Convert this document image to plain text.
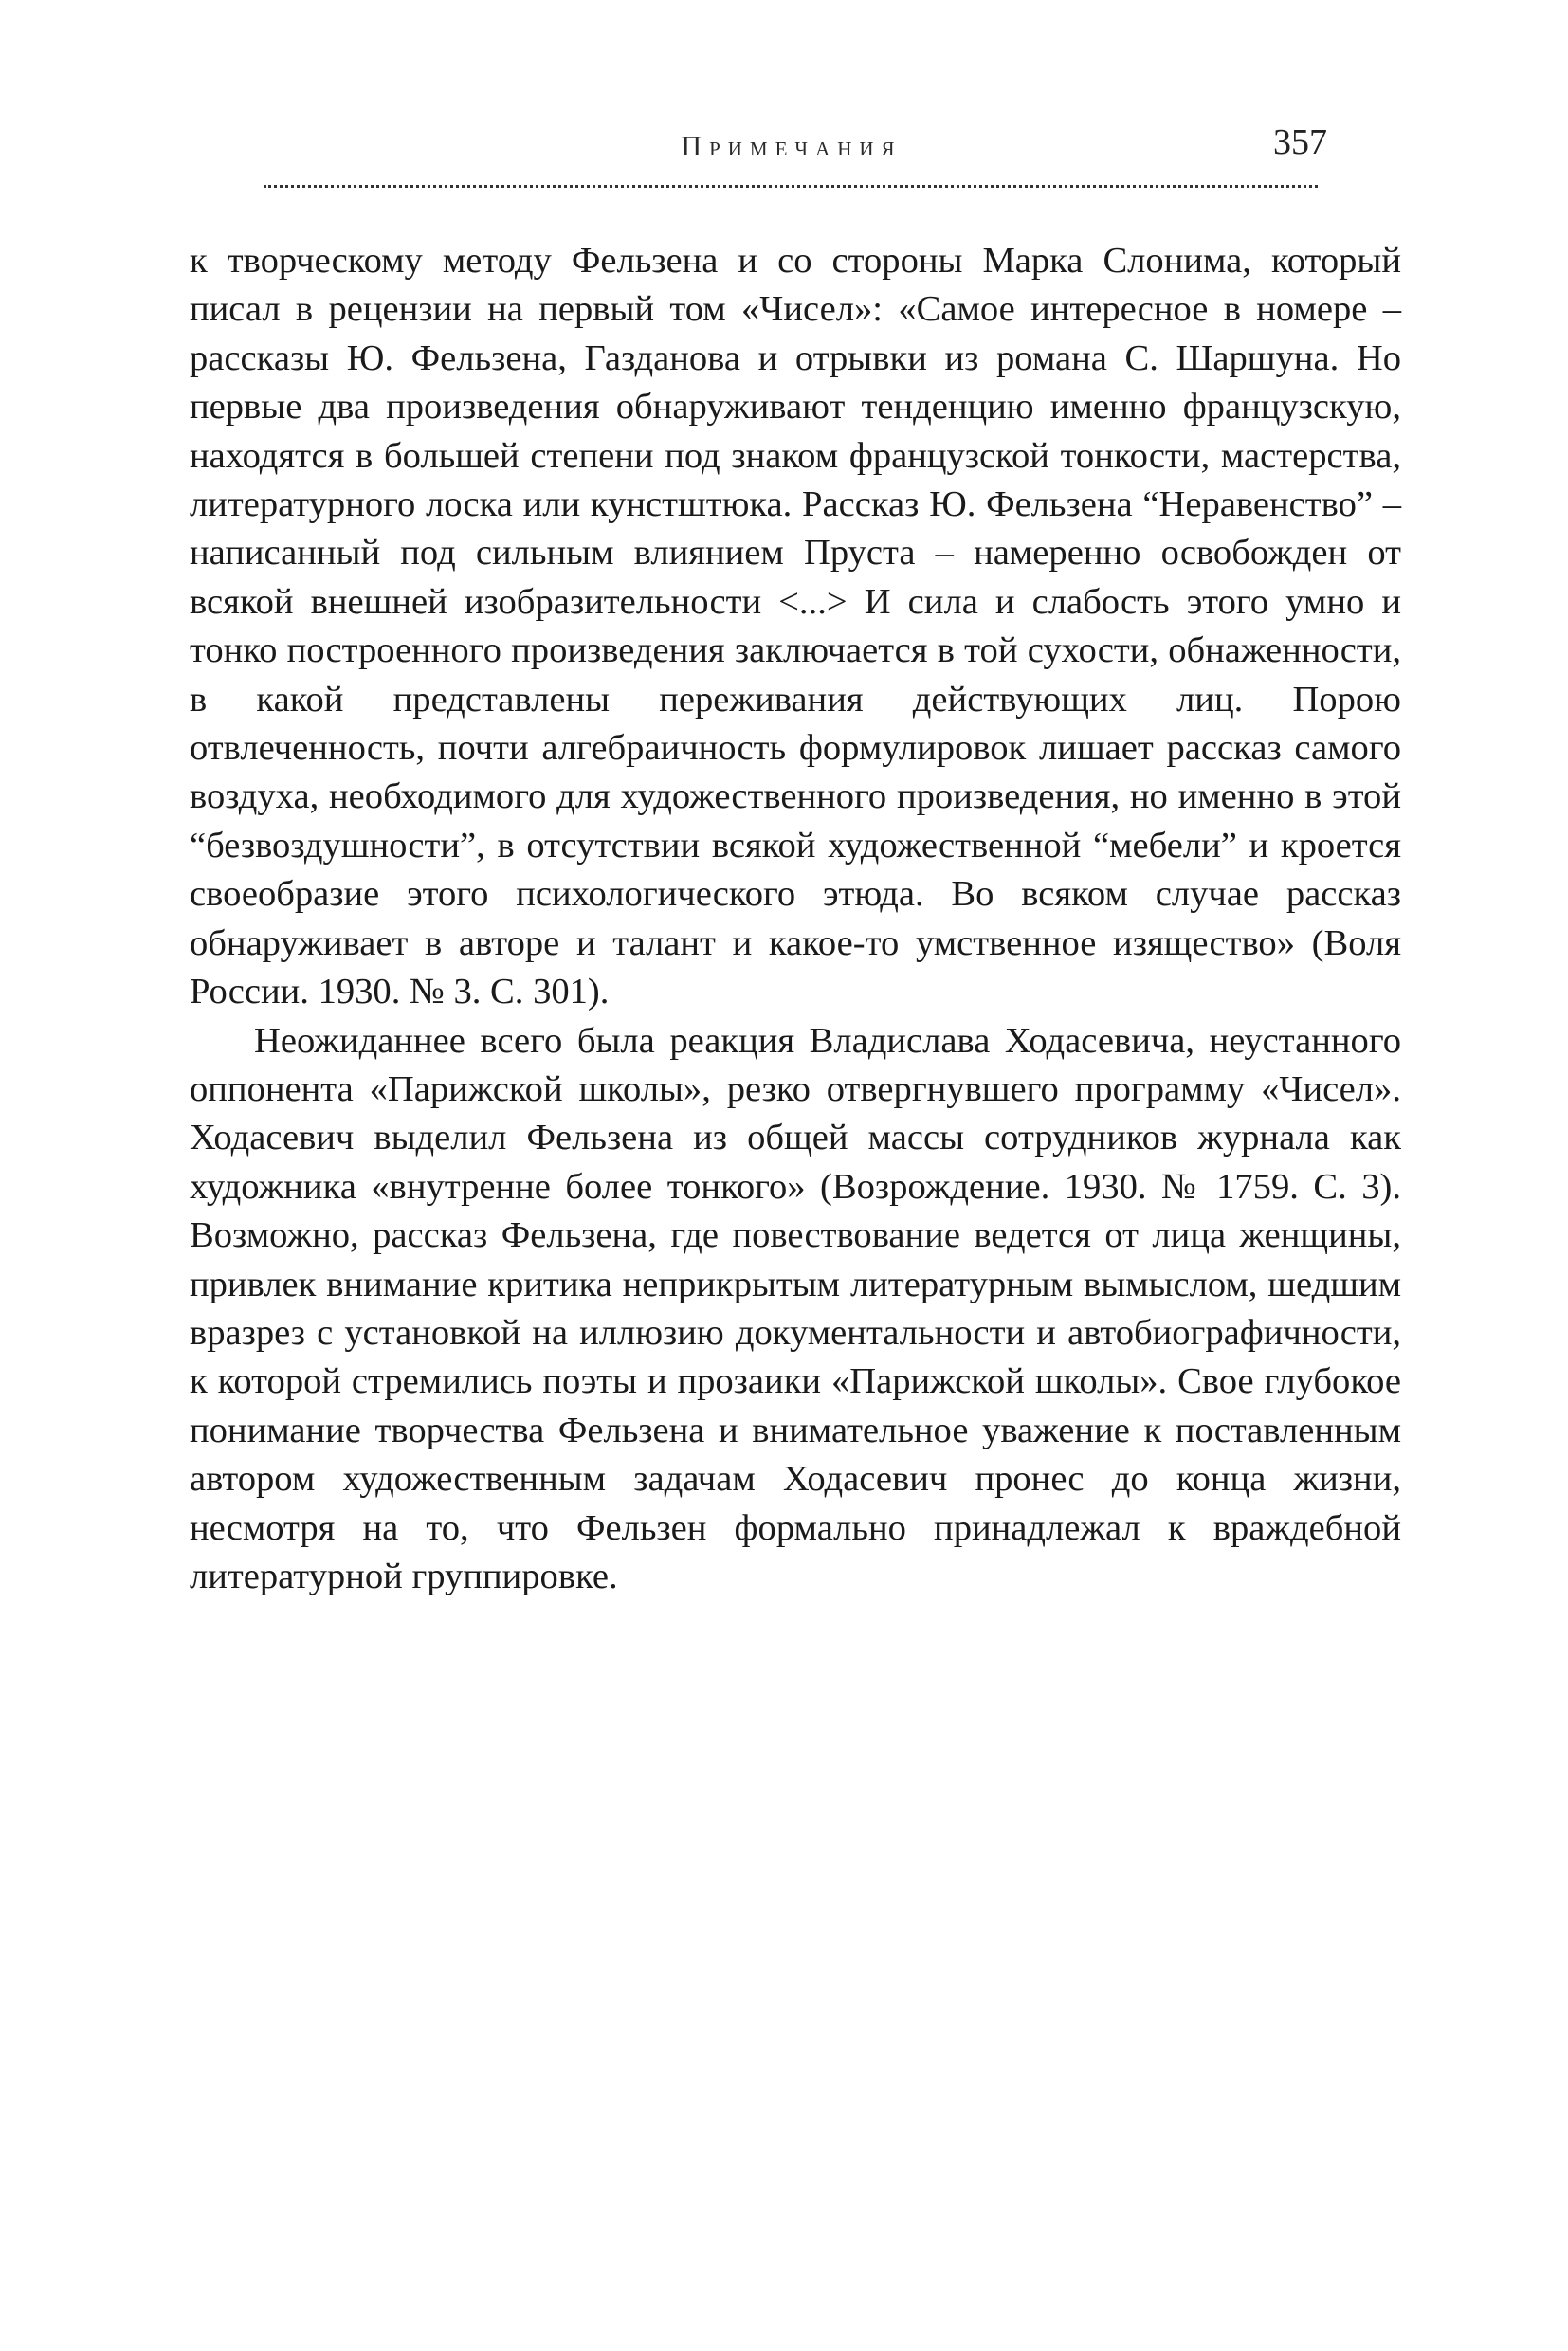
Примечания	357

к творческому методу Фельзена и со стороны Марка Слонима, который писал в рецензии на первый том «Чисел»: «Самое интересное в номере – рассказы Ю. Фельзена, Газданова и отрывки из романа С. Шаршуна. Но первые два произведения обнаруживают тенденцию именно французскую, находятся в большей степени под знаком французской тонкости, мастерства, литературного лоска или кунстштюка. Рассказ Ю. Фельзена “Неравенство” – написанный под сильным влиянием Пруста – намеренно освобожден от всякой внешней изобразительности <...> И сила и слабость этого умно и тонко построенного произведения заключается в той сухости, обнаженности, в какой представлены переживания действующих лиц. Порою отвлеченность, почти алгебраичность формулировок лишает рассказ самого воздуха, необходимого для художественного произведения, но именно в этой “безвоздушности”, в отсутствии всякой художественной “мебели” и кроется своеобразие этого психологического этюда. Во всяком случае рассказ обнаруживает в авторе и талант и какое-то умственное изящество» (Воля России. 1930. № 3. С. 301).

Неожиданнее всего была реакция Владислава Ходасевича, неустанного оппонента «Парижской школы», резко отвергнувшего программу «Чисел». Ходасевич выделил Фельзена из общей массы сотрудников журнала как художника «внутренне более тонкого» (Возрождение. 1930. № 1759. С. 3). Возможно, рассказ Фельзена, где повествование ведется от лица женщины, привлек внимание критика неприкрытым литературным вымыслом, шедшим вразрез с установкой на иллюзию документальности и автобиографичности, к которой стремились поэты и прозаики «Парижской школы». Свое глубокое понимание творчества Фельзена и внимательное уважение к поставленным автором художественным задачам Ходасевич пронес до конца жизни, несмотря на то, что Фельзен формально принадлежал к враждебной литературной группировке.
